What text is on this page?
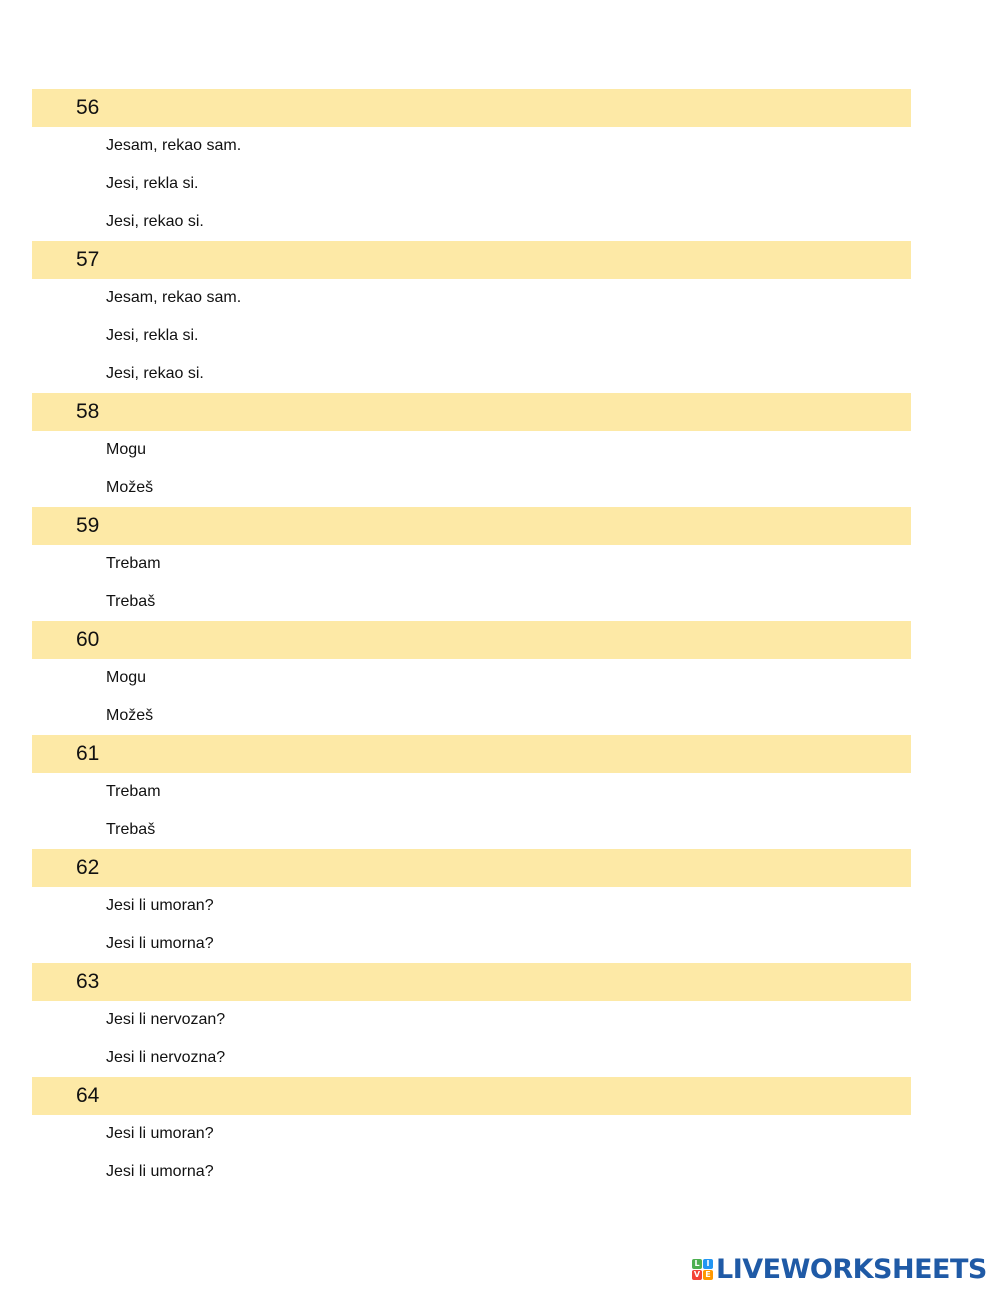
56
Jesam, rekao sam.
Jesi, rekla si.
Jesi, rekao si.
57
Jesam, rekao sam.
Jesi, rekla si.
Jesi, rekao si.
58
Mogu
Možeš
59
Trebam
Trebaš
60
Mogu
Možeš
61
Trebam
Trebaš
62
Jesi li umoran?
Jesi li umorna?
63
Jesi li nervozan?
Jesi li nervozna?
64
Jesi li umoran?
Jesi li umorna?
L I
V E LIVEWORKSHEETS
